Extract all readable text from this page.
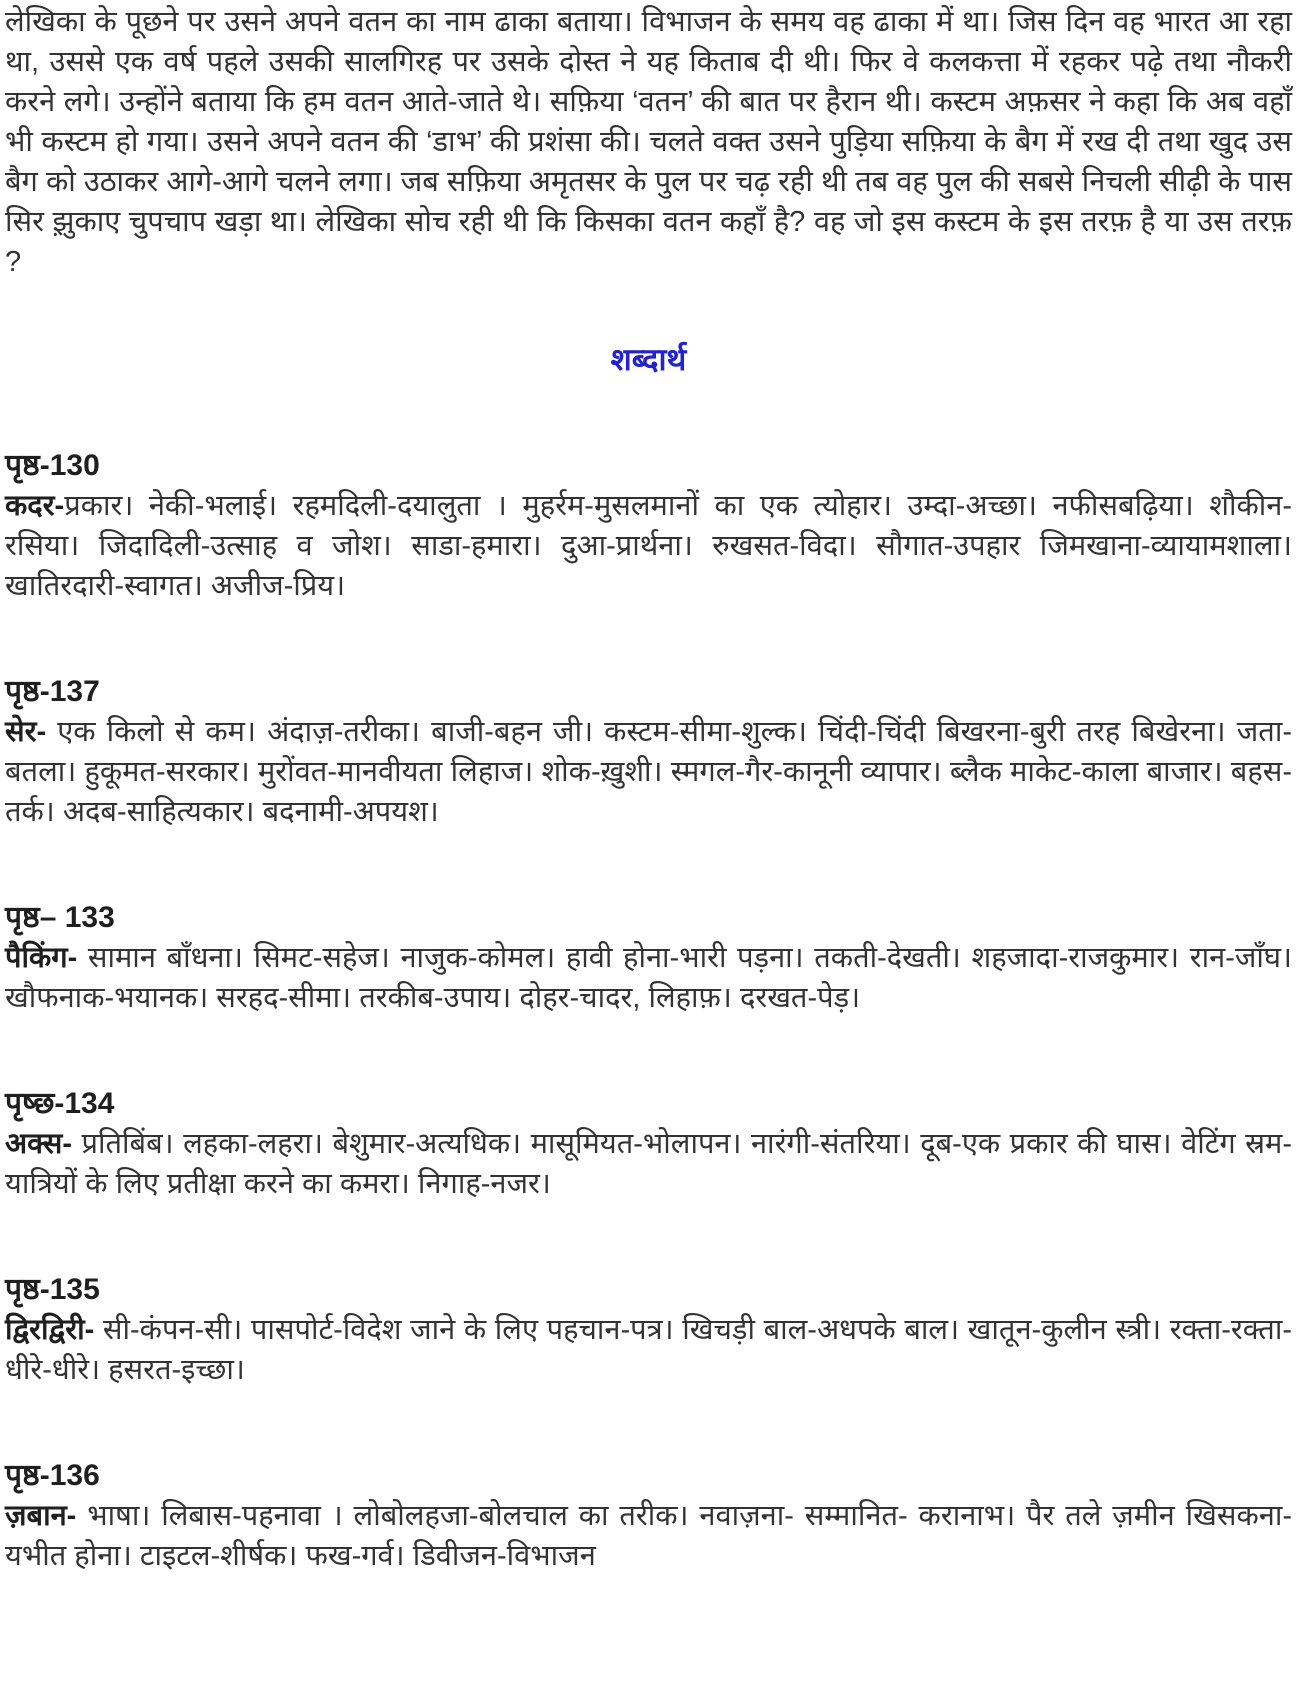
लेखिका के पूछने पर उसने अपने वतन का नाम ढाका बताया। विभाजन के समय वह ढाका में था। जिस दिन वह भारत आ रहा था, उससे एक वर्ष पहले उसकी सालगिरह पर उसके दोस्त ने यह किताब दी थी। फिर वे कलकत्ता में रहकर पढ़े तथा नौकरी करने लगे। उन्होंने बताया कि हम वतन आते-जाते थे। सफ़िया ‘वतन’ की बात पर हैरान थी। कस्टम अफ़सर ने कहा कि अब वहाँ भी कस्टम हो गया। उसने अपने वतन की ‘डाभ’ की प्रशंसा की। चलते वक्त उसने पुड़िया सफ़िया के बैग में रख दी तथा खुद उस बैग को उठाकर आगे-आगे चलने लगा। जब सफ़िया अमृतसर के पुल पर चढ़ रही थी तब वह पुल की सबसे निचली सीढ़ी के पास सिर झ़ुकाए चुपचाप खड़ा था। लेखिका सोच रही थी कि किसका वतन कहाँ है? वह जो इस कस्टम के इस तरफ़ है या उस तरफ़ ?

शब्दार्थ
पृष्ठ-130

कदर-प्रकार। नेकी-भलाई। रहमदिली-दयालुता । मुहर्रम-मुसलमानों का एक त्योहार। उम्दा-अच्छा। नफीसबढ़िया। शौकीन-रसिया। जिदादिली-उत्साह व जोश। साडा-हमारा। दुआ-प्रार्थना। रुखसत-विदा। सौगात-उपहार जिमखाना-व्यायामशाला। खातिरदारी-स्वागत। अजीज-प्रिय।

पृष्ठ-137

सेर- एक किलो से कम। अंदाज़-तरीका। बाजी-बहन जी। कस्टम-सीमा-शुल्क। चिंदी-चिंदी बिखरना-बुरी तरह बिखेरना। जता-बतला। हुकूमत-सरकार। मुरोंवत-मानवीयता लिहाज। शोक-ख़ुशी। स्मगल-गैर-कानूनी व्यापार। ब्लैक माकेट-काला बाजार। बहस-तर्क। अदब-साहित्यकार। बदनामी-अपयश।

पृष्ठ– 133

पैकिंग- सामान बाँधना। सिमट-सहेज। नाजुक-कोमल। हावी होना-भारी पड़ना। तकती-देखती। शहजादा-राजकुमार। रान-जाँघ। खौफनाक-भयानक। सरहद-सीमा। तरकीब-उपाय। दोहर-चादर, लिहाफ़। दरखत-पेड़।

पृष्छ-134

अक्स- प्रतिबिंब। लहका-लहरा। बेशुमार-अत्यधिक। मासूमियत-भोलापन। नारंगी-संतरिया। दूब-एक प्रकार की घास। वेटिंग स्रम-यात्रियों के लिए प्रतीक्षा करने का कमरा। निगाह-नजर।

पृष्ठ-135

द्विरद्विरी- सी-कंपन-सी। पासपोर्ट-विदेश जाने के लिए पहचान-पत्र। खिचड़ी बाल-अधपके बाल। खातून-कुलीन स्त्री। रक्ता-रक्ता-धीरे-धीरे। हसरत-इच्छा।

पृष्ठ-136

ज़बान- भाषा। लिबास-पहनावा । लोबोलहजा-बोलचाल का तरीक। नवाज़ना- सम्मानित- करानाभ। पैर तले ज़मीन खिसकना- यभीत होना। टाइटल-शीर्षक। फख-गर्व। डिवीजन-विभाजन
